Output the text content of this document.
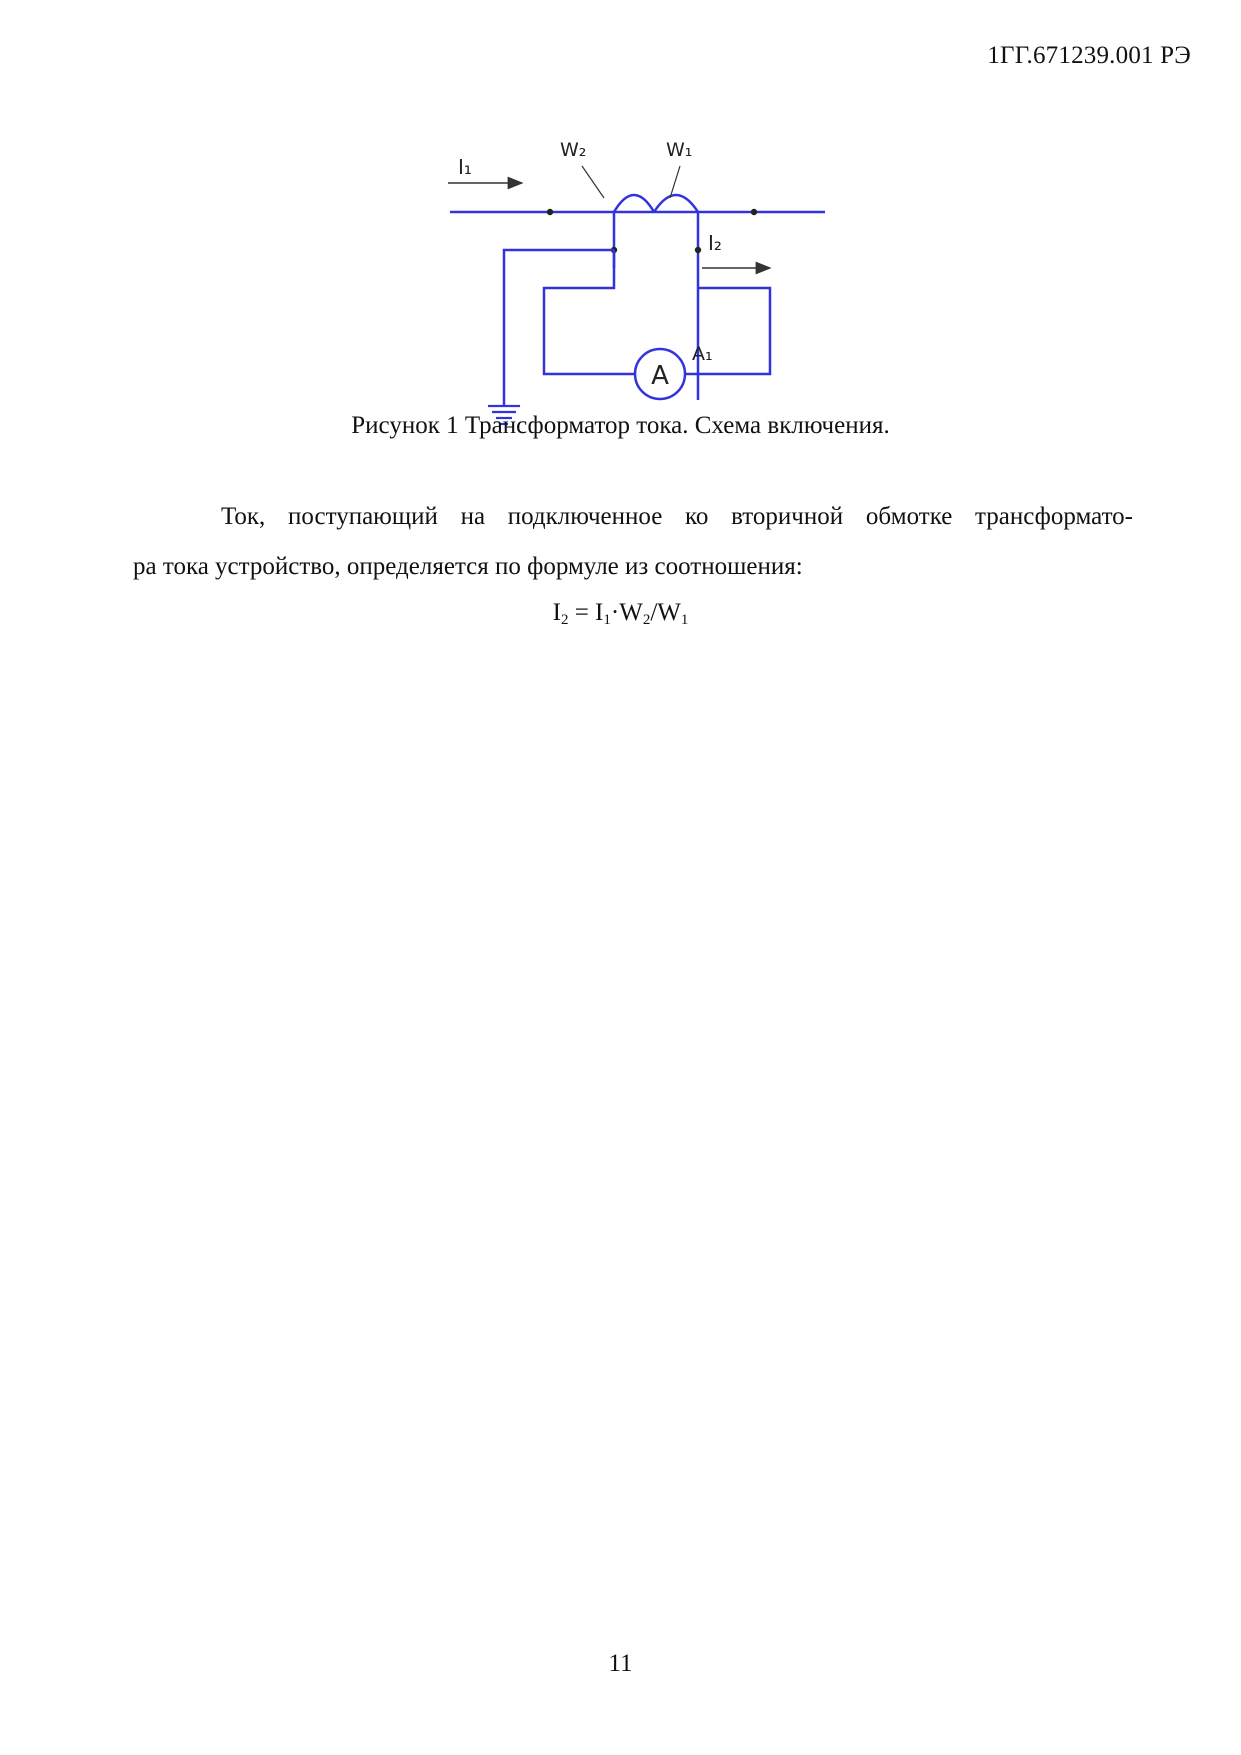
1ГГ.671239.001 РЭ
A
A₁
W₂	W₁
I₁
I₂
Рисунок 1 Трансформатор тока. Схема включения.

Ток, поступающий на подключенное ко вторичной обмотке трансформато-
ра тока устройство, определяется по формуле из соотношения:

$I_2 = I_1\cdot W_2/W_1$
11
